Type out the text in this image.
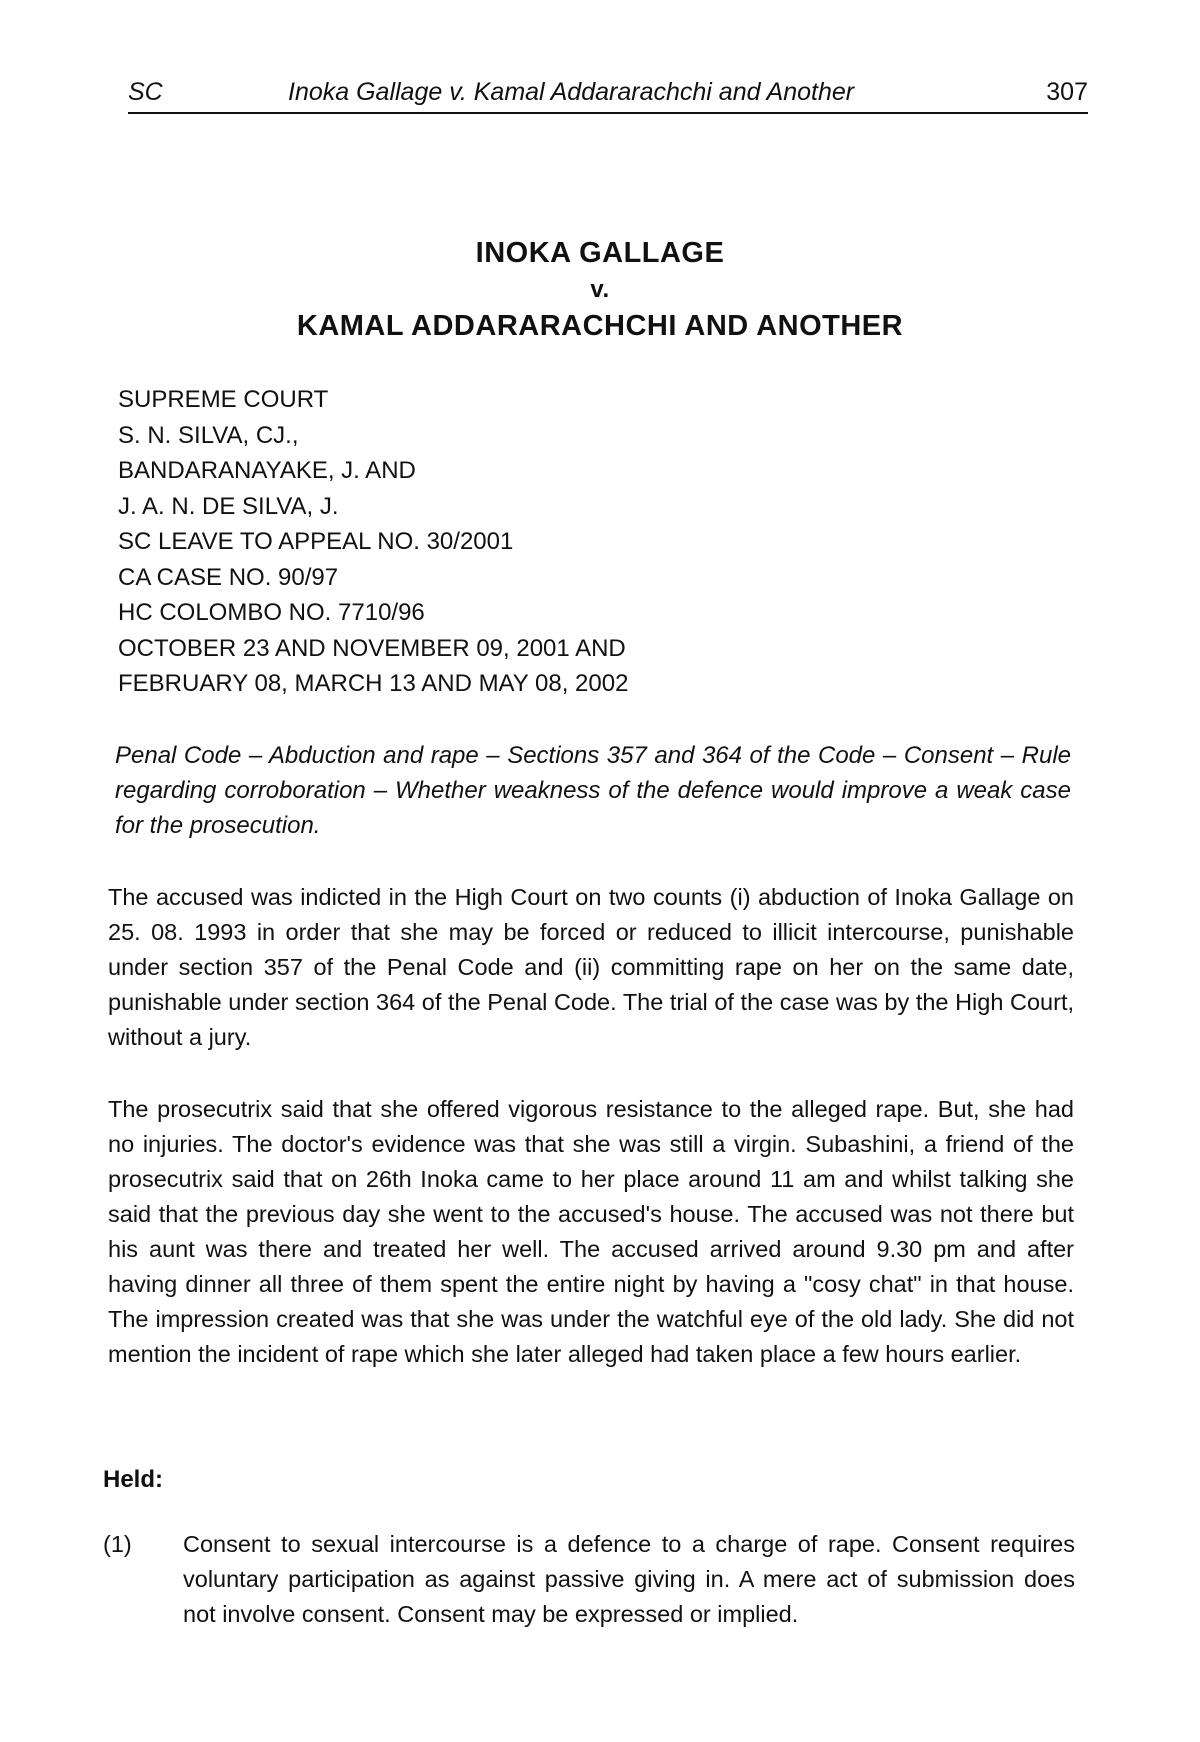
SC	Inoka Gallage v. Kamal Addararachchi and Another	307
INOKA GALLAGE
v.
KAMAL ADDARARACHCHI AND ANOTHER
SUPREME COURT
S. N. SILVA, CJ.,
BANDARANAYAKE, J. AND
J. A. N. DE SILVA, J.
SC LEAVE TO APPEAL NO. 30/2001
CA CASE NO. 90/97
HC COLOMBO NO. 7710/96
OCTOBER 23 AND NOVEMBER 09, 2001 AND
FEBRUARY 08, MARCH 13 AND MAY 08, 2002
Penal Code – Abduction and rape – Sections 357 and 364 of the Code – Consent – Rule regarding corroboration – Whether weakness of the defence would improve a weak case for the prosecution.
The accused was indicted in the High Court on two counts (i) abduction of Inoka Gallage on 25. 08. 1993 in order that she may be forced or reduced to illicit intercourse, punishable under section 357 of the Penal Code and (ii) committing rape on her on the same date, punishable under section 364 of the Penal Code. The trial of the case was by the High Court, without a jury.
The prosecutrix said that she offered vigorous resistance to the alleged rape. But, she had no injuries. The doctor's evidence was that she was still a virgin. Subashini, a friend of the prosecutrix said that on 26th Inoka came to her place around 11 am and whilst talking she said that the previous day she went to the accused's house. The accused was not there but his aunt was there and treated her well. The accused arrived around 9.30 pm and after having dinner all three of them spent the entire night by having a "cosy chat" in that house. The impression created was that she was under the watchful eye of the old lady. She did not mention the incident of rape which she later alleged had taken place a few hours earlier.
Held:
(1) Consent to sexual intercourse is a defence to a charge of rape. Consent requires voluntary participation as against passive giving in. A mere act of submission does not involve consent. Consent may be expressed or implied.
